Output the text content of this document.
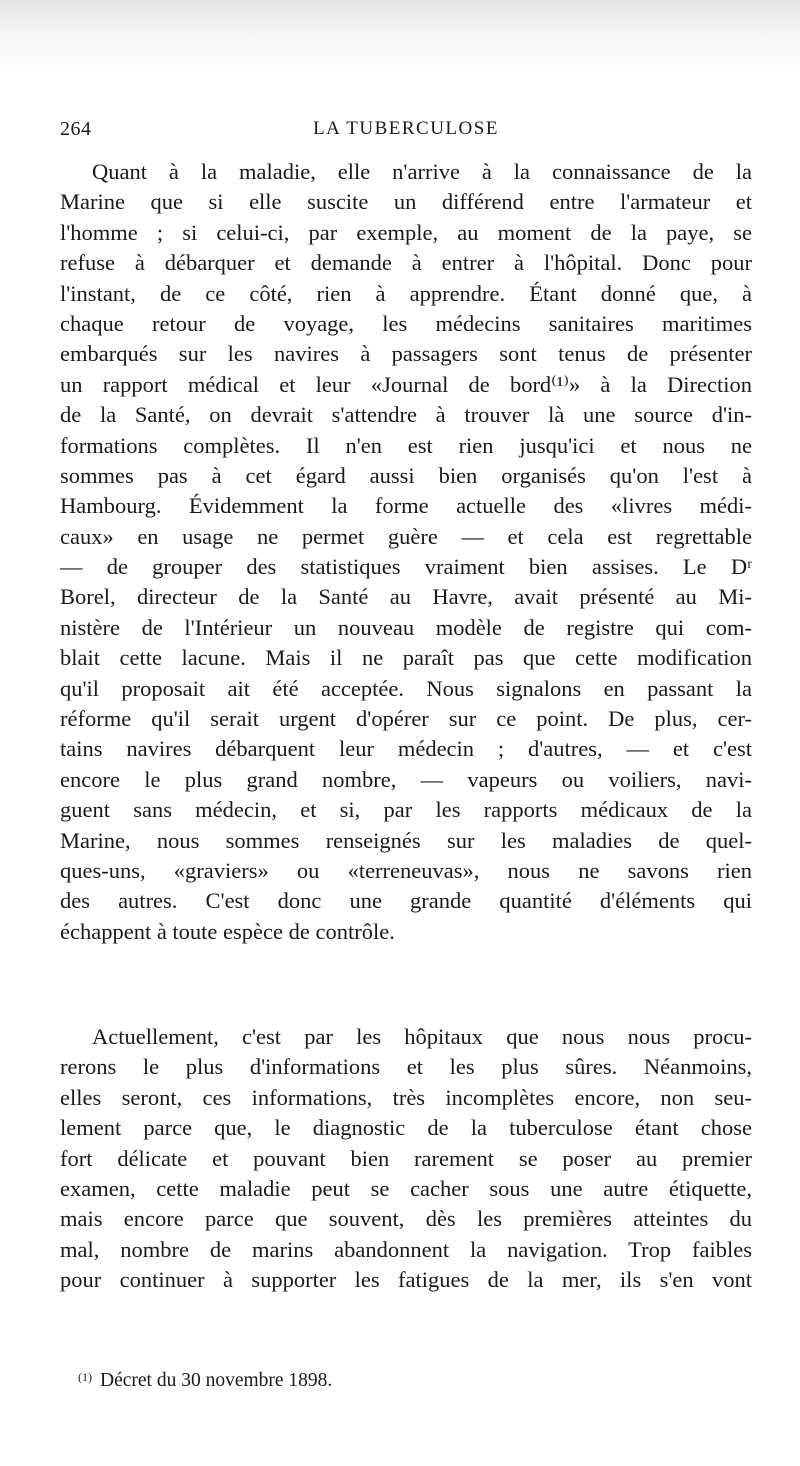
264	LA TUBERCULOSE
Quant à la maladie, elle n'arrive à la connaissance de la
Marine que si elle suscite un différend entre l'armateur et
l'homme ; si celui-ci, par exemple, au moment de la paye, se
refuse à débarquer et demande à entrer à l'hôpital. Donc pour
l'instant, de ce côté, rien à apprendre. Étant donné que, à
chaque retour de voyage, les médecins sanitaires maritimes
embarqués sur les navires à passagers sont tenus de présenter
un rapport médical et leur «Journal de bord⁽¹⁾» à la Direction
de la Santé, on devrait s'attendre à trouver là une source d'in-
formations complètes. Il n'en est rien jusqu'ici et nous ne
sommes pas à cet égard aussi bien organisés qu'on l'est à
Hambourg. Évidemment la forme actuelle des «livres médi-
caux» en usage ne permet guère — et cela est regrettable
— de grouper des statistiques vraiment bien assises. Le Dʳ
Borel, directeur de la Santé au Havre, avait présenté au Mi-
nistère de l'Intérieur un nouveau modèle de registre qui com-
blait cette lacune. Mais il ne paraît pas que cette modification
qu'il proposait ait été acceptée. Nous signalons en passant la
réforme qu'il serait urgent d'opérer sur ce point. De plus, cer-
tains navires débarquent leur médecin ; d'autres, — et c'est
encore le plus grand nombre, — vapeurs ou voiliers, navi-
guent sans médecin, et si, par les rapports médicaux de la
Marine, nous sommes renseignés sur les maladies de quel-
ques-uns, «graviers» ou «terreneuvas», nous ne savons rien
des autres. C'est donc une grande quantité d'éléments qui
échappent à toute espèce de contrôle.
Actuellement, c'est par les hôpitaux que nous nous procu-
rerons le plus d'informations et les plus sûres. Néanmoins,
elles seront, ces informations, très incomplètes encore, non seu-
lement parce que, le diagnostic de la tuberculose étant chose
fort délicate et pouvant bien rarement se poser au premier
examen, cette maladie peut se cacher sous une autre étiquette,
mais encore parce que souvent, dès les premières atteintes du
mal, nombre de marins abandonnent la navigation. Trop faibles
pour continuer à supporter les fatigues de la mer, ils s'en vont
$^{(1)}$ Décret du 30 novembre 1898.
